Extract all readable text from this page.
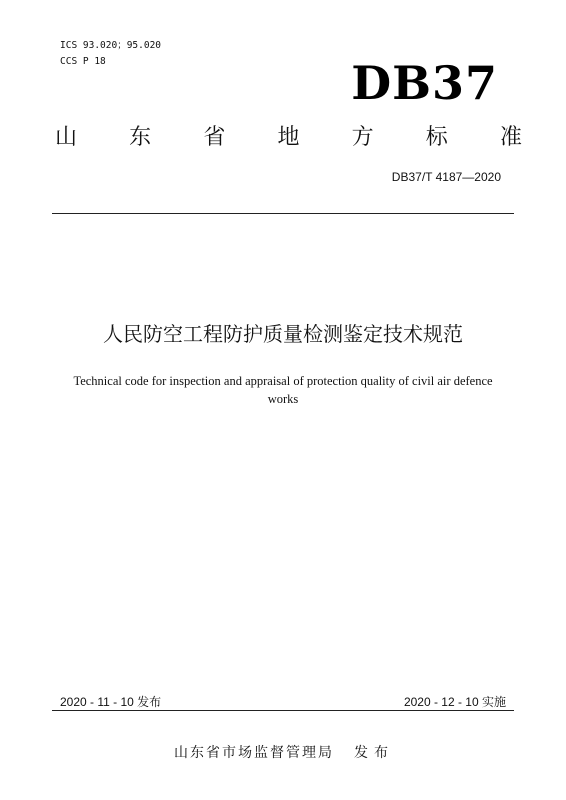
ICS 93.020；95.020
CCS P 18	DB37
山 东 省 地 方 标 准
DB37/T 4187—2020
人民防空工程防护质量检测鉴定技术规范
Technical code for inspection and appraisal of protection quality of civil air defence
works
2020 - 11 - 10 发布	2020 - 12 - 10 实施
山东省市场监督管理局 发布
